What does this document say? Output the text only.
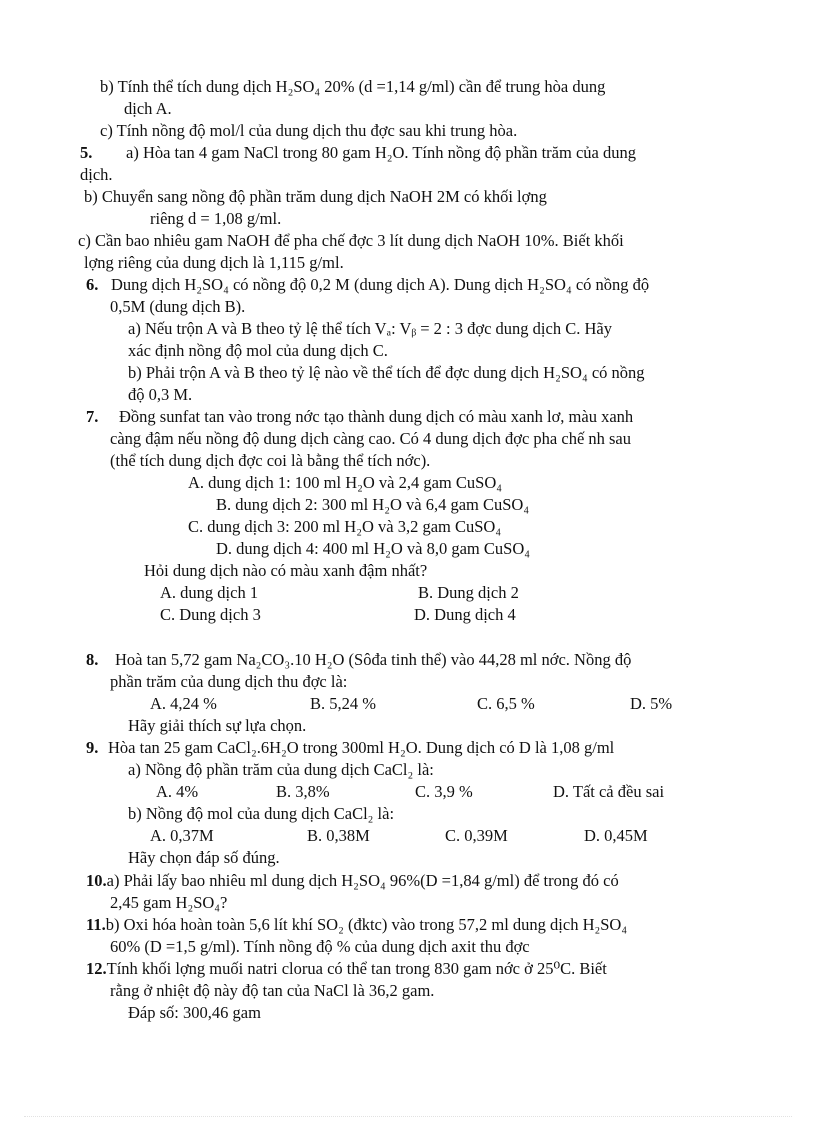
b) Tính thể tích dung dịch H₂SO₄ 20% (d =1,14 g/ml) cần để trung hòa dung
dịch A.
c) Tính nồng độ mol/l của dung dịch thu đợc sau khi trung hòa.
5. a) Hòa tan 4 gam NaCl trong 80 gam H₂O. Tính nồng độ phần trăm của dung
dịch.
b) Chuyển sang nồng độ phần trăm dung dịch NaOH 2M có khối lợng
riêng d = 1,08 g/ml.
c) Cần bao nhiêu gam NaOH để pha chế đợc 3 lít dung dịch NaOH 10%. Biết khối
lợng riêng của dung dịch là 1,115 g/ml.
6. Dung dịch H₂SO₄ có nồng độ 0,2 M (dung dịch A). Dung dịch H₂SO₄ có nồng độ
0,5M (dung dịch B).
a) Nếu trộn A và B theo tỷ lệ thể tích Vₐ: Vᵦ = 2 : 3 đợc dung dịch C. Hãy
xác định nồng độ mol của dung dịch C.
b) Phải trộn A và B theo tỷ lệ nào về thể tích để đợc dung dịch H₂SO₄ có nồng
độ 0,3 M.
7. Đồng sunfat tan vào trong nớc tạo thành dung dịch có màu xanh lơ, màu xanh
càng đậm nếu nồng độ dung dịch càng cao. Có 4 dung dịch đợc pha chế nh sau
(thể tích dung dịch đợc coi là bằng thể tích nớc).
A. dung dịch 1: 100 ml H₂O và 2,4 gam CuSO₄
B. dung dịch 2: 300 ml H₂O và 6,4 gam CuSO₄
C. dung dịch 3: 200 ml H₂O và 3,2 gam CuSO₄
D. dung dịch 4: 400 ml H₂O và 8,0 gam CuSO₄
Hỏi dung dịch nào có màu xanh đậm nhất?
A. dung dịch 1	B. Dung dịch 2
C. Dung dịch 3	D. Dung dịch 4
8. Hoà tan 5,72 gam Na₂CO₃.10 H₂O (Sôđa tinh thể) vào 44,28 ml nớc. Nồng độ
phần trăm của dung dịch thu đợc là:
A. 4,24 %	B. 5,24 %	C. 6,5 %	D. 5%
Hãy giải thích sự lựa chọn.
9. Hòa tan 25 gam CaCl₂.6H₂O trong 300ml H₂O. Dung dịch có D là 1,08 g/ml
a) Nồng độ phần trăm của dung dịch CaCl₂ là:
A. 4%	B. 3,8%	C. 3,9 %	D. Tất cả đều sai
b) Nồng độ mol của dung dịch CaCl₂ là:
A. 0,37M	B. 0,38M	C. 0,39M	D. 0,45M
Hãy chọn đáp số đúng.
10.a) Phải lấy bao nhiêu ml dung dịch H₂SO₄ 96%(D =1,84 g/ml) để trong đó có
2,45 gam H₂SO₄?
11.b) Oxi hóa hoàn toàn 5,6 lít khí SO₂ (đktc) vào trong 57,2 ml dung dịch H₂SO₄
60% (D =1,5 g/ml). Tính nồng độ % của dung dịch axit thu đợc
12.Tính khối lợng muối natri clorua có thể tan trong 830 gam nớc ở 25⁰C. Biết
rằng ở nhiệt độ này độ tan của NaCl là 36,2 gam.
Đáp số: 300,46 gam
